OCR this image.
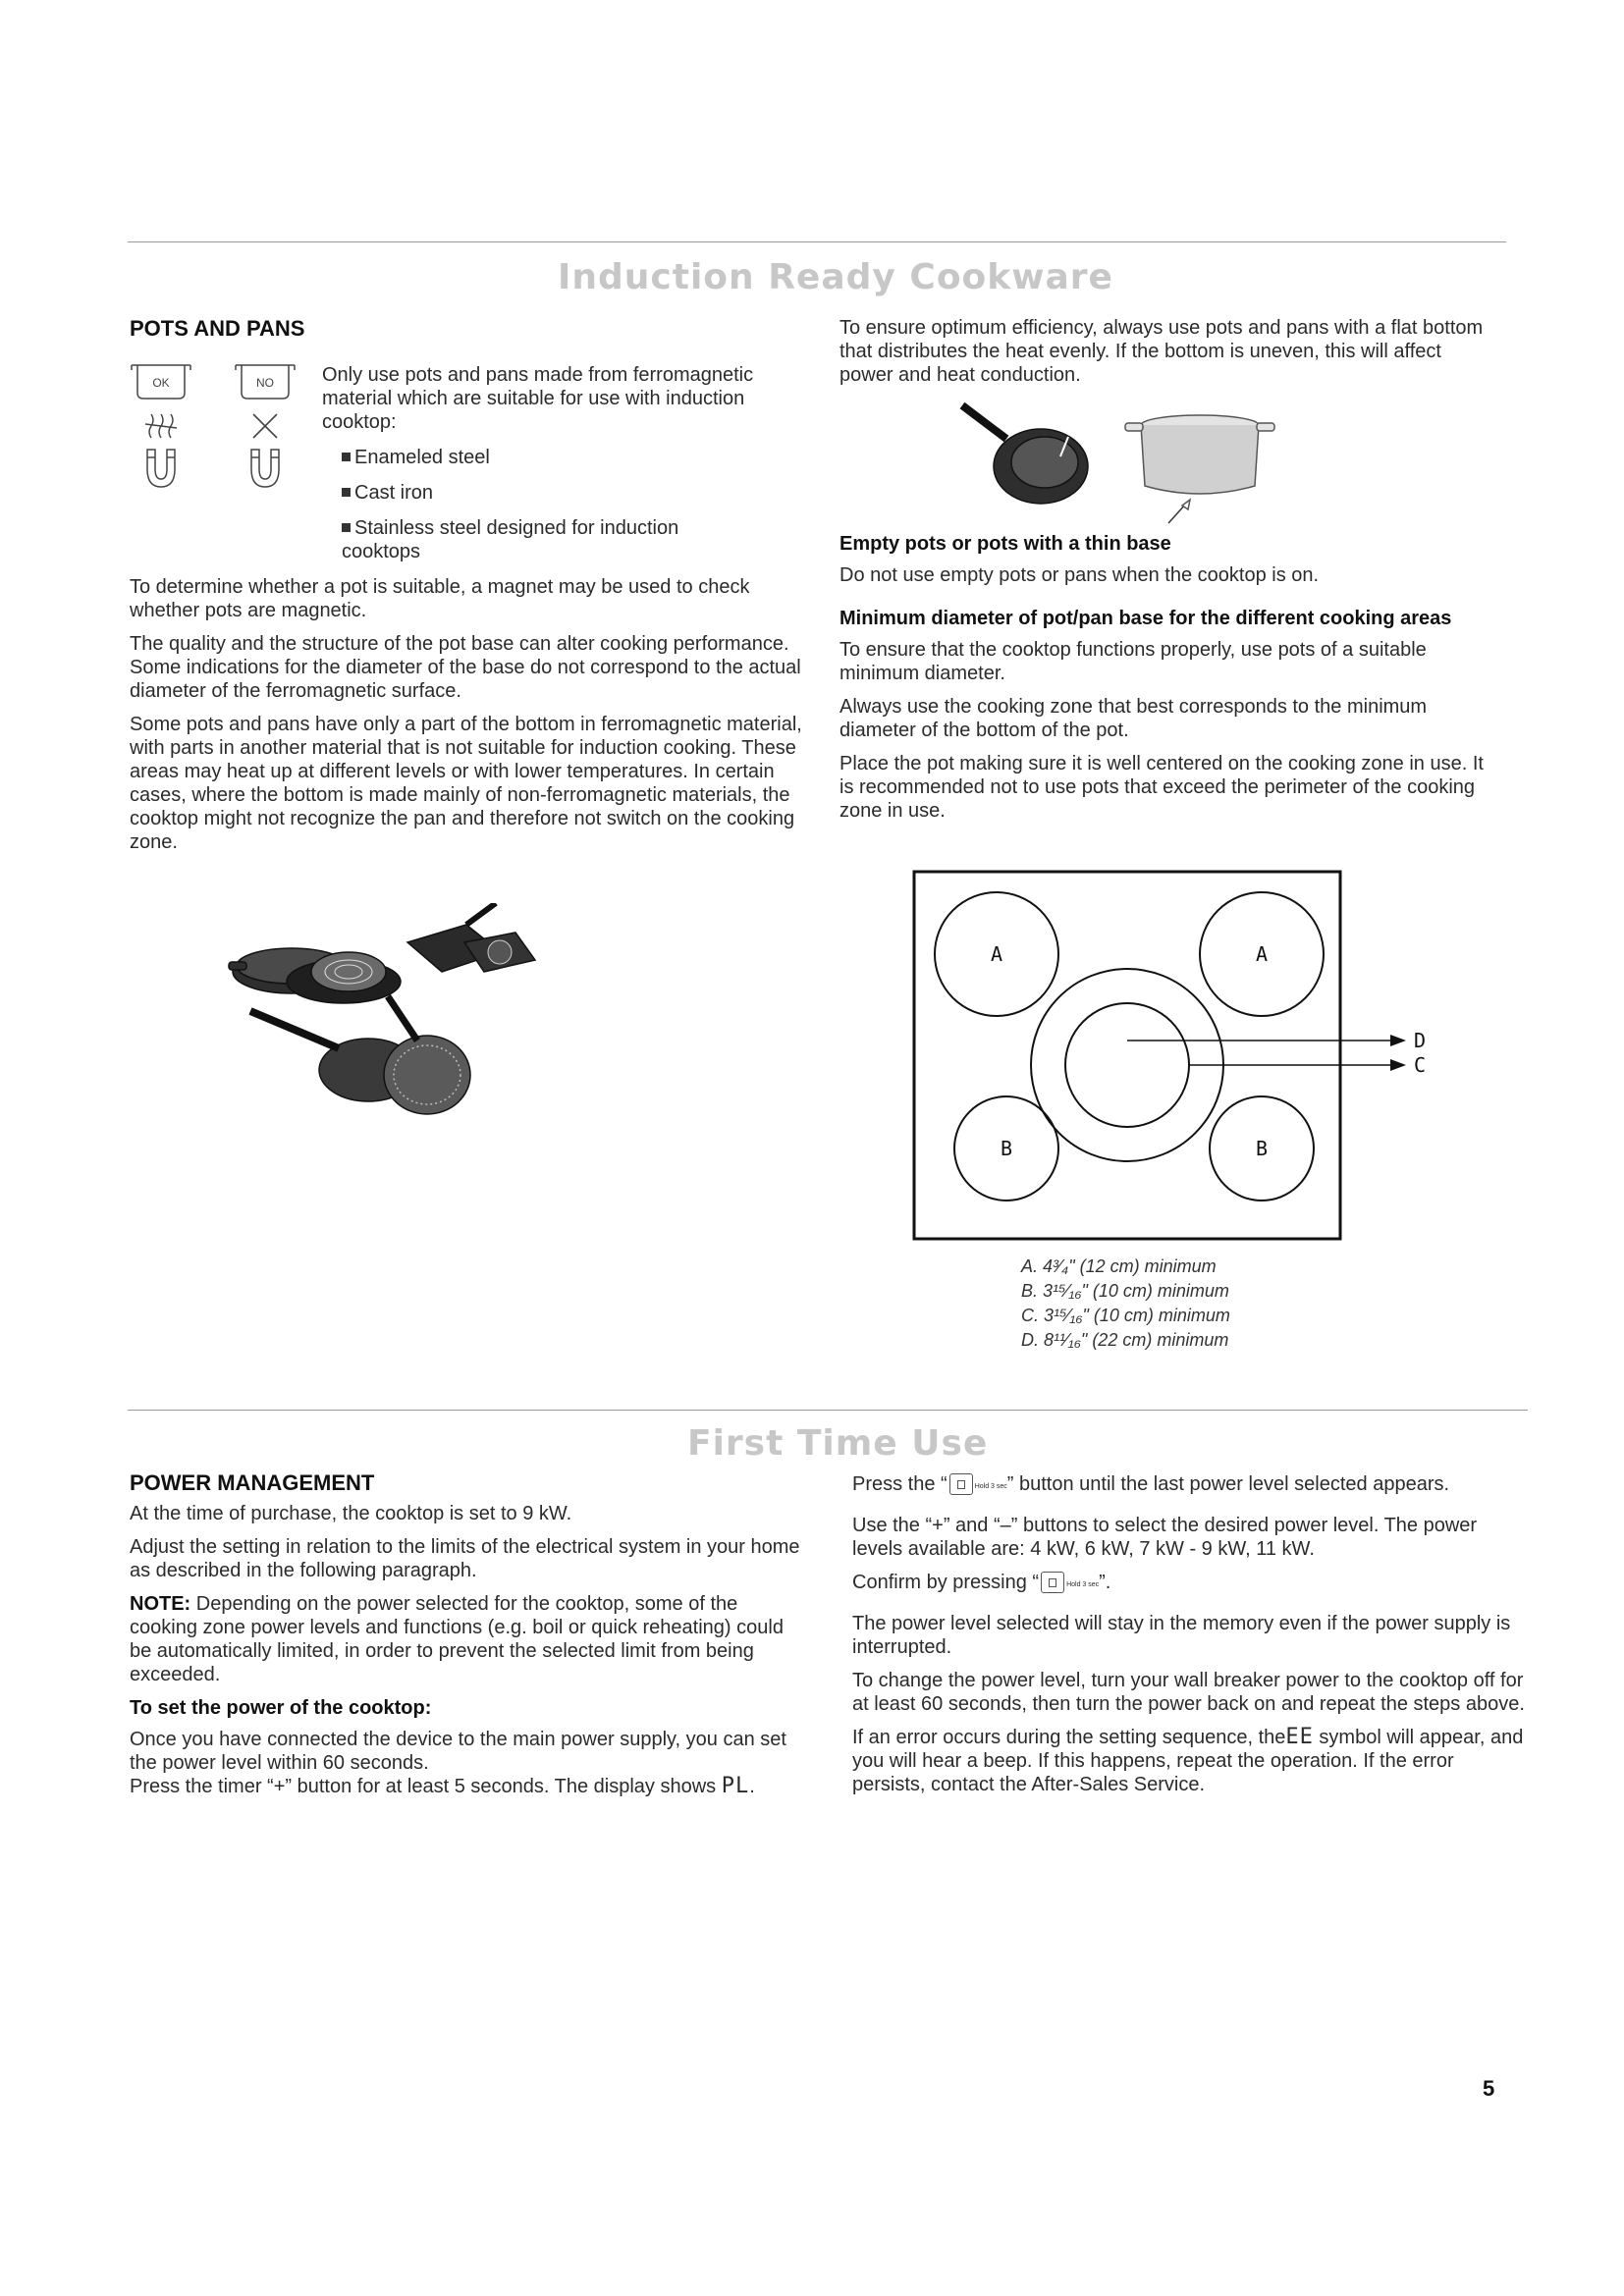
Induction Ready Cookware
POTS AND PANS
OK	NO Only use pots and pans made from ferromagnetic material which are suitable for use with induction cooktop:

Enameled steel
Cast iron
Stainless steel designed for induction cooktops

To determine whether a pot is suitable, a magnet may be used to check whether pots are magnetic.

The quality and the structure of the pot base can alter cooking performance. Some indications for the diameter of the base do not correspond to the actual diameter of the ferromagnetic surface.

Some pots and pans have only a part of the bottom in ferromagnetic material, with parts in another material that is not suitable for induction cooking. These areas may heat up at different levels or with lower temperatures. In certain cases, where the bottom is made mainly of non-ferromagnetic materials, the cooktop might not recognize the pan and therefore not switch on the cooking zone.

To ensure optimum efficiency, always use pots and pans with a flat bottom that distributes the heat evenly. If the bottom is uneven, this will affect power and heat conduction.

Empty pots or pots with a thin base

Do not use empty pots or pans when the cooktop is on.

Minimum diameter of pot/pan base for the different cooking areas

To ensure that the cooktop functions properly, use pots of a suitable minimum diameter.

Always use the cooking zone that best corresponds to the minimum diameter of the bottom of the pot.

Place the pot making sure it is well centered on the cooking zone in use. It is recommended not to use pots that exceed the perimeter of the cooking zone in use.

A	A
B	B
D
C
A. 4³⁄₄" (12 cm) minimum
B. 3¹⁵⁄₁₆" (10 cm) minimum
C. 3¹⁵⁄₁₆" (10 cm) minimum
D. 8¹¹⁄₁₆" (22 cm) minimum
First Time Use
POWER MANAGEMENT

At the time of purchase, the cooktop is set to 9 kW.

Adjust the setting in relation to the limits of the electrical system in your home as described in the following paragraph.

NOTE: Depending on the power selected for the cooktop, some of the cooking zone power levels and functions (e.g. boil or quick reheating) could be automatically limited, in order to prevent the selected limit from being exceeded.

To set the power of the cooktop:

Once you have connected the device to the main power supply, you can set the power level within 60 seconds.

Press the timer “+” button for at least 5 seconds. The display shows PL.

Press the “	Hold 3 sec” button until the last power level selected appears.

Use the “+” and “–” buttons to select the desired power level. The power levels available are: 4 kW, 6 kW, 7 kW - 9 kW, 11 kW.

Confirm by pressing “	Hold 3 sec”.

The power level selected will stay in the memory even if the power supply is interrupted.

To change the power level, turn your wall breaker power to the cooktop off for at least 60 seconds, then turn the power back on and repeat the steps above.

If an error occurs during the setting sequence, theEE symbol will appear, and you will hear a beep. If this happens, repeat the operation. If the error persists, contact the After-Sales Service.

5
